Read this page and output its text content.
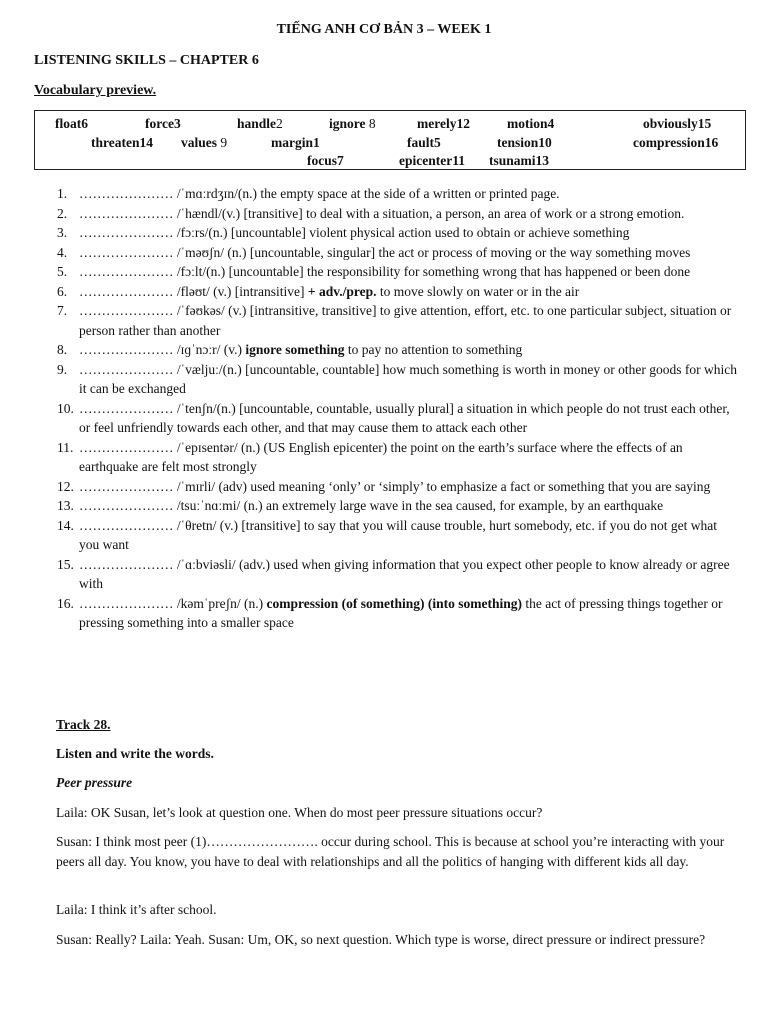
TIẾNG ANH CƠ BẢN 3 – WEEK 1
LISTENING SKILLS – CHAPTER 6
Vocabulary preview.
float6	force3	handle2	ignore 8	merely12	motion4	obviously15
threaten14 values 9	margin1	fault5	tension10	compression16
focus7	epicenter11 tsunami13
1. ………………… /ˈmɑːrdʒɪn/(n.) the empty space at the side of a written or printed page.
2. ………………… /ˈhændl/(v.) [transitive] to deal with a situation, a person, an area of work or a strong emotion.
3. ………………… /fɔːrs/(n.) [uncountable] violent physical action used to obtain or achieve something
4. ………………… /ˈməʊʃn/ (n.) [uncountable, singular] the act or process of moving or the way something moves
5. ………………… /fɔːlt/(n.) [uncountable] the responsibility for something wrong that has happened or been done
6. ………………… /fləʊt/ (v.) [intransitive] + adv./prep. to move slowly on water or in the air
7. ………………… /ˈfəʊkəs/ (v.) [intransitive, transitive] to give attention, effort, etc. to one particular subject, situation or person rather than another
8. ………………… /ɪɡˈnɔːr/ (v.) ignore something to pay no attention to something
9. ………………… /ˈvæljuː/(n.) [uncountable, countable] how much something is worth in money or other goods for which it can be exchanged
10. ………………… /ˈtenʃn/(n.) [uncountable, countable, usually plural] a situation in which people do not trust each other, or feel unfriendly towards each other, and that may cause them to attack each other
11. ………………… /ˈepɪsentər/ (n.) (US English epicenter) the point on the earth’s surface where the effects of an earthquake are felt most strongly
12. ………………… /ˈmɪrli/ (adv) used meaning ‘only’ or ‘simply’ to emphasize a fact or something that you are saying
13. ………………… /tsuːˈnɑːmi/ (n.) an extremely large wave in the sea caused, for example, by an earthquake
14. ………………… /ˈθretn/ (v.) [transitive] to say that you will cause trouble, hurt somebody, etc. if you do not get what you want
15. ………………… /ˈɑːbviəsli/ (adv.) used when giving information that you expect other people to know already or agree with
16. ………………… /kəmˈpreʃn/ (n.) compression (of something) (into something) the act of pressing things together or pressing something into a smaller space
Track 28.
Listen and write the words.
Peer pressure
Laila: OK Susan, let’s look at question one. When do most peer pressure situations occur?
Susan: I think most peer (1)……………………. occur during school. This is because at school you’re interacting with your peers all day. You know, you have to deal with relationships and all the politics of hanging with different kids all day.
Laila: I think it’s after school.
Susan: Really? Laila: Yeah. Susan: Um, OK, so next question. Which type is worse, direct pressure or indirect pressure?
